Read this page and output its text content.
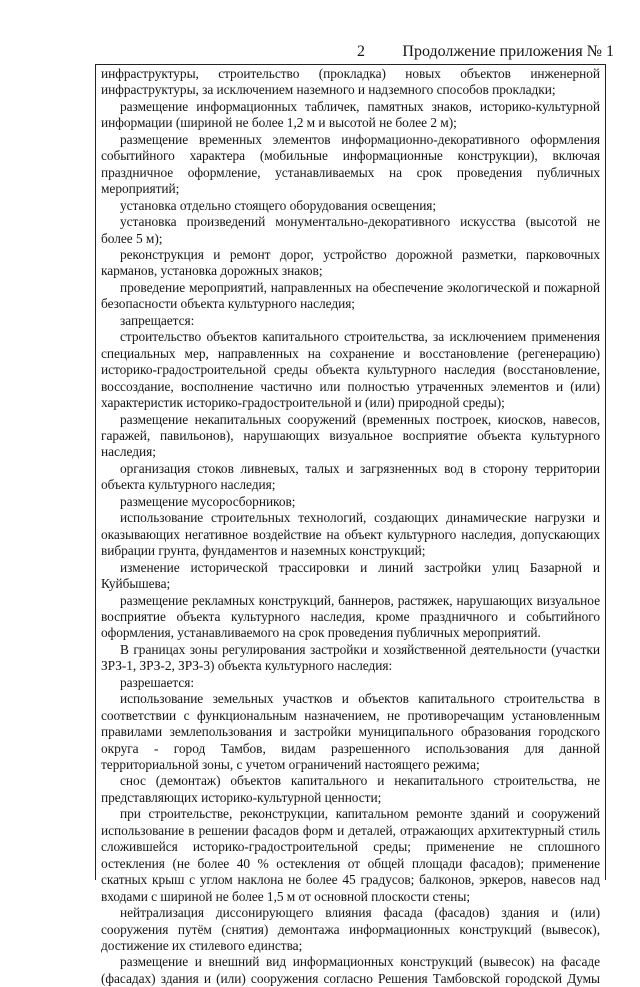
2 Продолжение приложения № 1

инфраструктуры, строительство (прокладка) новых объектов инженерной инфраструктуры, за исключением наземного и надземного способов прокладки;

размещение информационных табличек, памятных знаков, историко-культурной информации (шириной не более 1,2 м и высотой не более 2 м);

размещение временных элементов информационно-декоративного оформления событийного характера (мобильные информационные конструкции), включая праздничное оформление, устанавливаемых на срок проведения публичных мероприятий;

установка отдельно стоящего оборудования освещения;

установка произведений монументально-декоративного искусства (высотой не более 5 м);

реконструкция и ремонт дорог, устройство дорожной разметки, парковочных карманов, установка дорожных знаков;

проведение мероприятий, направленных на обеспечение экологической и пожарной безопасности объекта культурного наследия;

запрещается:

строительство объектов капитального строительства, за исключением применения специальных мер, направленных на сохранение и восстановление (регенерацию) историко-градостроительной среды объекта культурного наследия (восстановление, воссоздание, восполнение частично или полностью утраченных элементов и (или) характеристик историко-градостроительной и (или) природной среды);

размещение некапитальных сооружений (временных построек, киосков, навесов, гаражей, павильонов), нарушающих визуальное восприятие объекта культурного наследия;

организация стоков ливневых, талых и загрязненных вод в сторону территории объекта культурного наследия;

размещение мусоросборников;

использование строительных технологий, создающих динамические нагрузки и оказывающих негативное воздействие на объект культурного наследия, допускающих вибрации грунта, фундаментов и наземных конструкций;

изменение исторической трассировки и линий застройки улиц Базарной и Куйбышева;

размещение рекламных конструкций, баннеров, растяжек, нарушающих визуальное восприятие объекта культурного наследия, кроме праздничного и событийного оформления, устанавливаемого на срок проведения публичных мероприятий.

В границах зоны регулирования застройки и хозяйственной деятельности (участки ЗРЗ-1, ЗРЗ-2, ЗРЗ-3) объекта культурного наследия:

разрешается:

использование земельных участков и объектов капитального строительства в соответствии с функциональным назначением, не противоречащим установленным правилами землепользования и застройки муниципального образования городского округа - город Тамбов, видам разрешенного использования для данной территориальной зоны, с учетом ограничений настоящего режима;

снос (демонтаж) объектов капитального и некапитального строительства, не представляющих историко-культурной ценности;

при строительстве, реконструкции, капитальном ремонте зданий и сооружений использование в решении фасадов форм и деталей, отражающих архитектурный стиль сложившейся историко-градостроительной среды; применение не сплошного остекления (не более 40 % остекления от общей площади фасадов); применение скатных крыш с углом наклона не более 45 градусов; балконов, эркеров, навесов над входами с шириной не более 1,5 м от основной плоскости стены;

нейтрализация диссонирующего влияния фасада (фасадов) здания и (или) сооружения путём (снятия) демонтажа информационных конструкций (вывесок), достижение их стилевого единства;

размещение и внешний вид информационных конструкций (вывесок) на фасаде (фасадах) здания и (или) сооружения согласно Решения Тамбовской городской Думы
